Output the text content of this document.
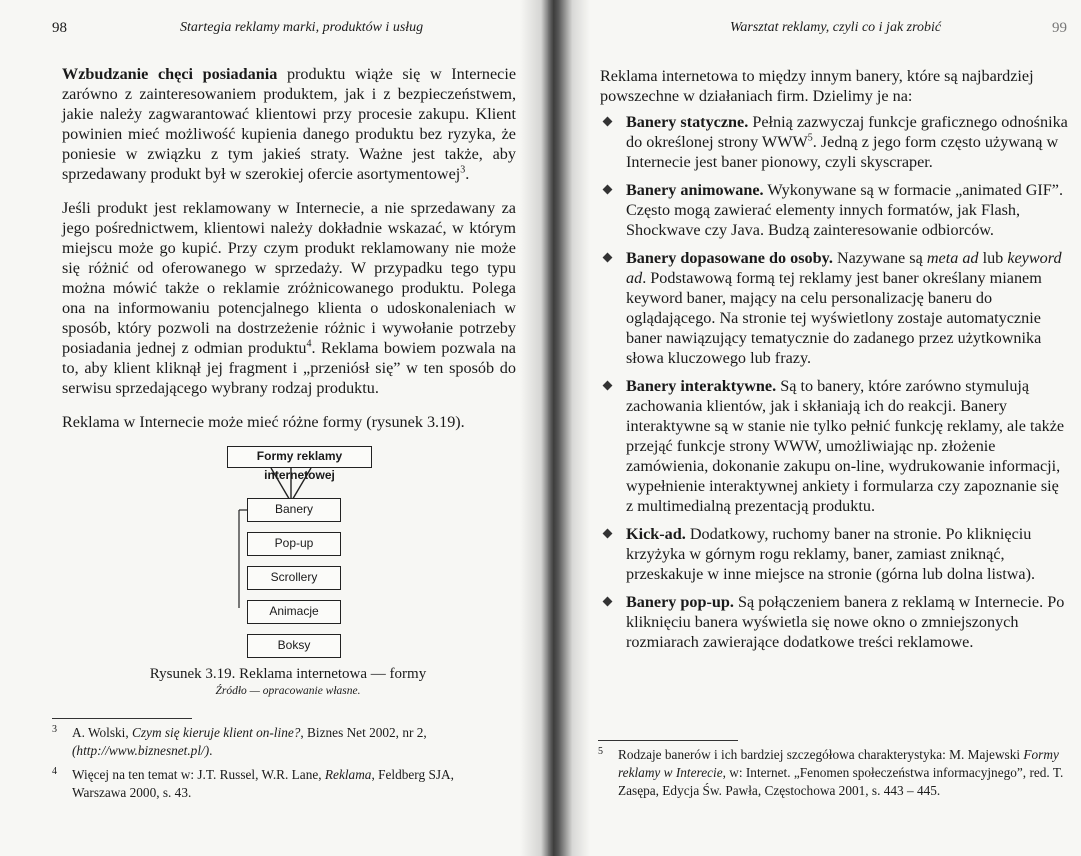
98	Startegia reklamy marki, produktów i usług

Wzbudzanie chęci posiadania produktu wiąże się w Internecie zarówno z zainteresowaniem produktem, jak i z bezpieczeństwem, jakie należy zagwarantować klientowi przy procesie zakupu. Klient powinien mieć możliwość kupienia danego produktu bez ryzyka, że poniesie w związku z tym jakieś straty. Ważne jest także, aby sprzedawany produkt był w szerokiej ofercie asortymentowej$^3$.

Jeśli produkt jest reklamowany w Internecie, a nie sprzedawany za jego pośrednictwem, klientowi należy dokładnie wskazać, w którym miejscu może go kupić. Przy czym produkt reklamowany nie może się różnić od oferowanego w sprzedaży. W przypadku tego typu można mówić także o reklamie zróżnicowanego produktu. Polega ona na informowaniu potencjalnego klienta o udoskonaleniach w sposób, który pozwoli na dostrzeżenie różnic i wywołanie potrzeby posiadania jednej z odmian produktu$^4$. Reklama bowiem pozwala na to, aby klient kliknął jej fragment i „przeniósł się” w ten sposób do serwisu sprzedającego wybrany rodzaj produktu.

Reklama w Internecie może mieć różne formy (rysunek 3.19).

Formy reklamy internetowej
Banery
Pop-up
Scrollery
Animacje
Boksy
Rysunek 3.19. Reklama internetowa — formy
Źródło — opracowanie własne.
3 A. Wolski, Czym się kieruje klient on-line?, Biznes Net 2002, nr 2, (http://www.biznesnet.pl/).
4 Więcej na ten temat w: J.T. Russel, W.R. Lane, Reklama, Feldberg SJA, Warszawa 2000, s. 43.
Warsztat reklamy, czyli co i jak zrobić	99

Reklama internetowa to między innym banery, które są najbardziej powszechne w działaniach firm. Dzielimy je na:

Banery statyczne. Pełnią zazwyczaj funkcje graficznego odnośnika do określonej strony WWW$^5$. Jedną z jego form często używaną w Internecie jest baner pionowy, czyli skyscraper.
Banery animowane. Wykonywane są w formacie „animated GIF”. Często mogą zawierać elementy innych formatów, jak Flash, Shockwave czy Java. Budzą zainteresowanie odbiorców.
Banery dopasowane do osoby. Nazywane są meta ad lub keyword ad. Podstawową formą tej reklamy jest baner określany mianem keyword baner, mający na celu personalizację baneru do oglądającego. Na stronie tej wyświetlony zostaje automatycznie baner nawiązujący tematycznie do zadanego przez użytkownika słowa kluczowego lub frazy.
Banery interaktywne. Są to banery, które zarówno stymulują zachowania klientów, jak i skłaniają ich do reakcji. Banery interaktywne są w stanie nie tylko pełnić funkcję reklamy, ale także przejąć funkcje strony WWW, umożliwiając np. złożenie zamówienia, dokonanie zakupu on-line, wydrukowanie informacji, wypełnienie interaktywnej ankiety i formularza czy zapoznanie się z multimedialną prezentacją produktu.
Kick-ad. Dodatkowy, ruchomy baner na stronie. Po kliknięciu krzyżyka w górnym rogu reklamy, baner, zamiast zniknąć, przeskakuje w inne miejsce na stronie (górna lub dolna listwa).
Banery pop-up. Są połączeniem banera z reklamą w Internecie. Po kliknięciu banera wyświetla się nowe okno o zmniejszonych rozmiarach zawierające dodatkowe treści reklamowe.
5 Rodzaje banerów i ich bardziej szczegółowa charakterystyka: M. Majewski Formy reklamy w Interecie, w: Internet. „Fenomen społeczeństwa informacyjnego”, red. T. Zasępa, Edycja Św. Pawła, Częstochowa 2001, s. 443 – 445.
